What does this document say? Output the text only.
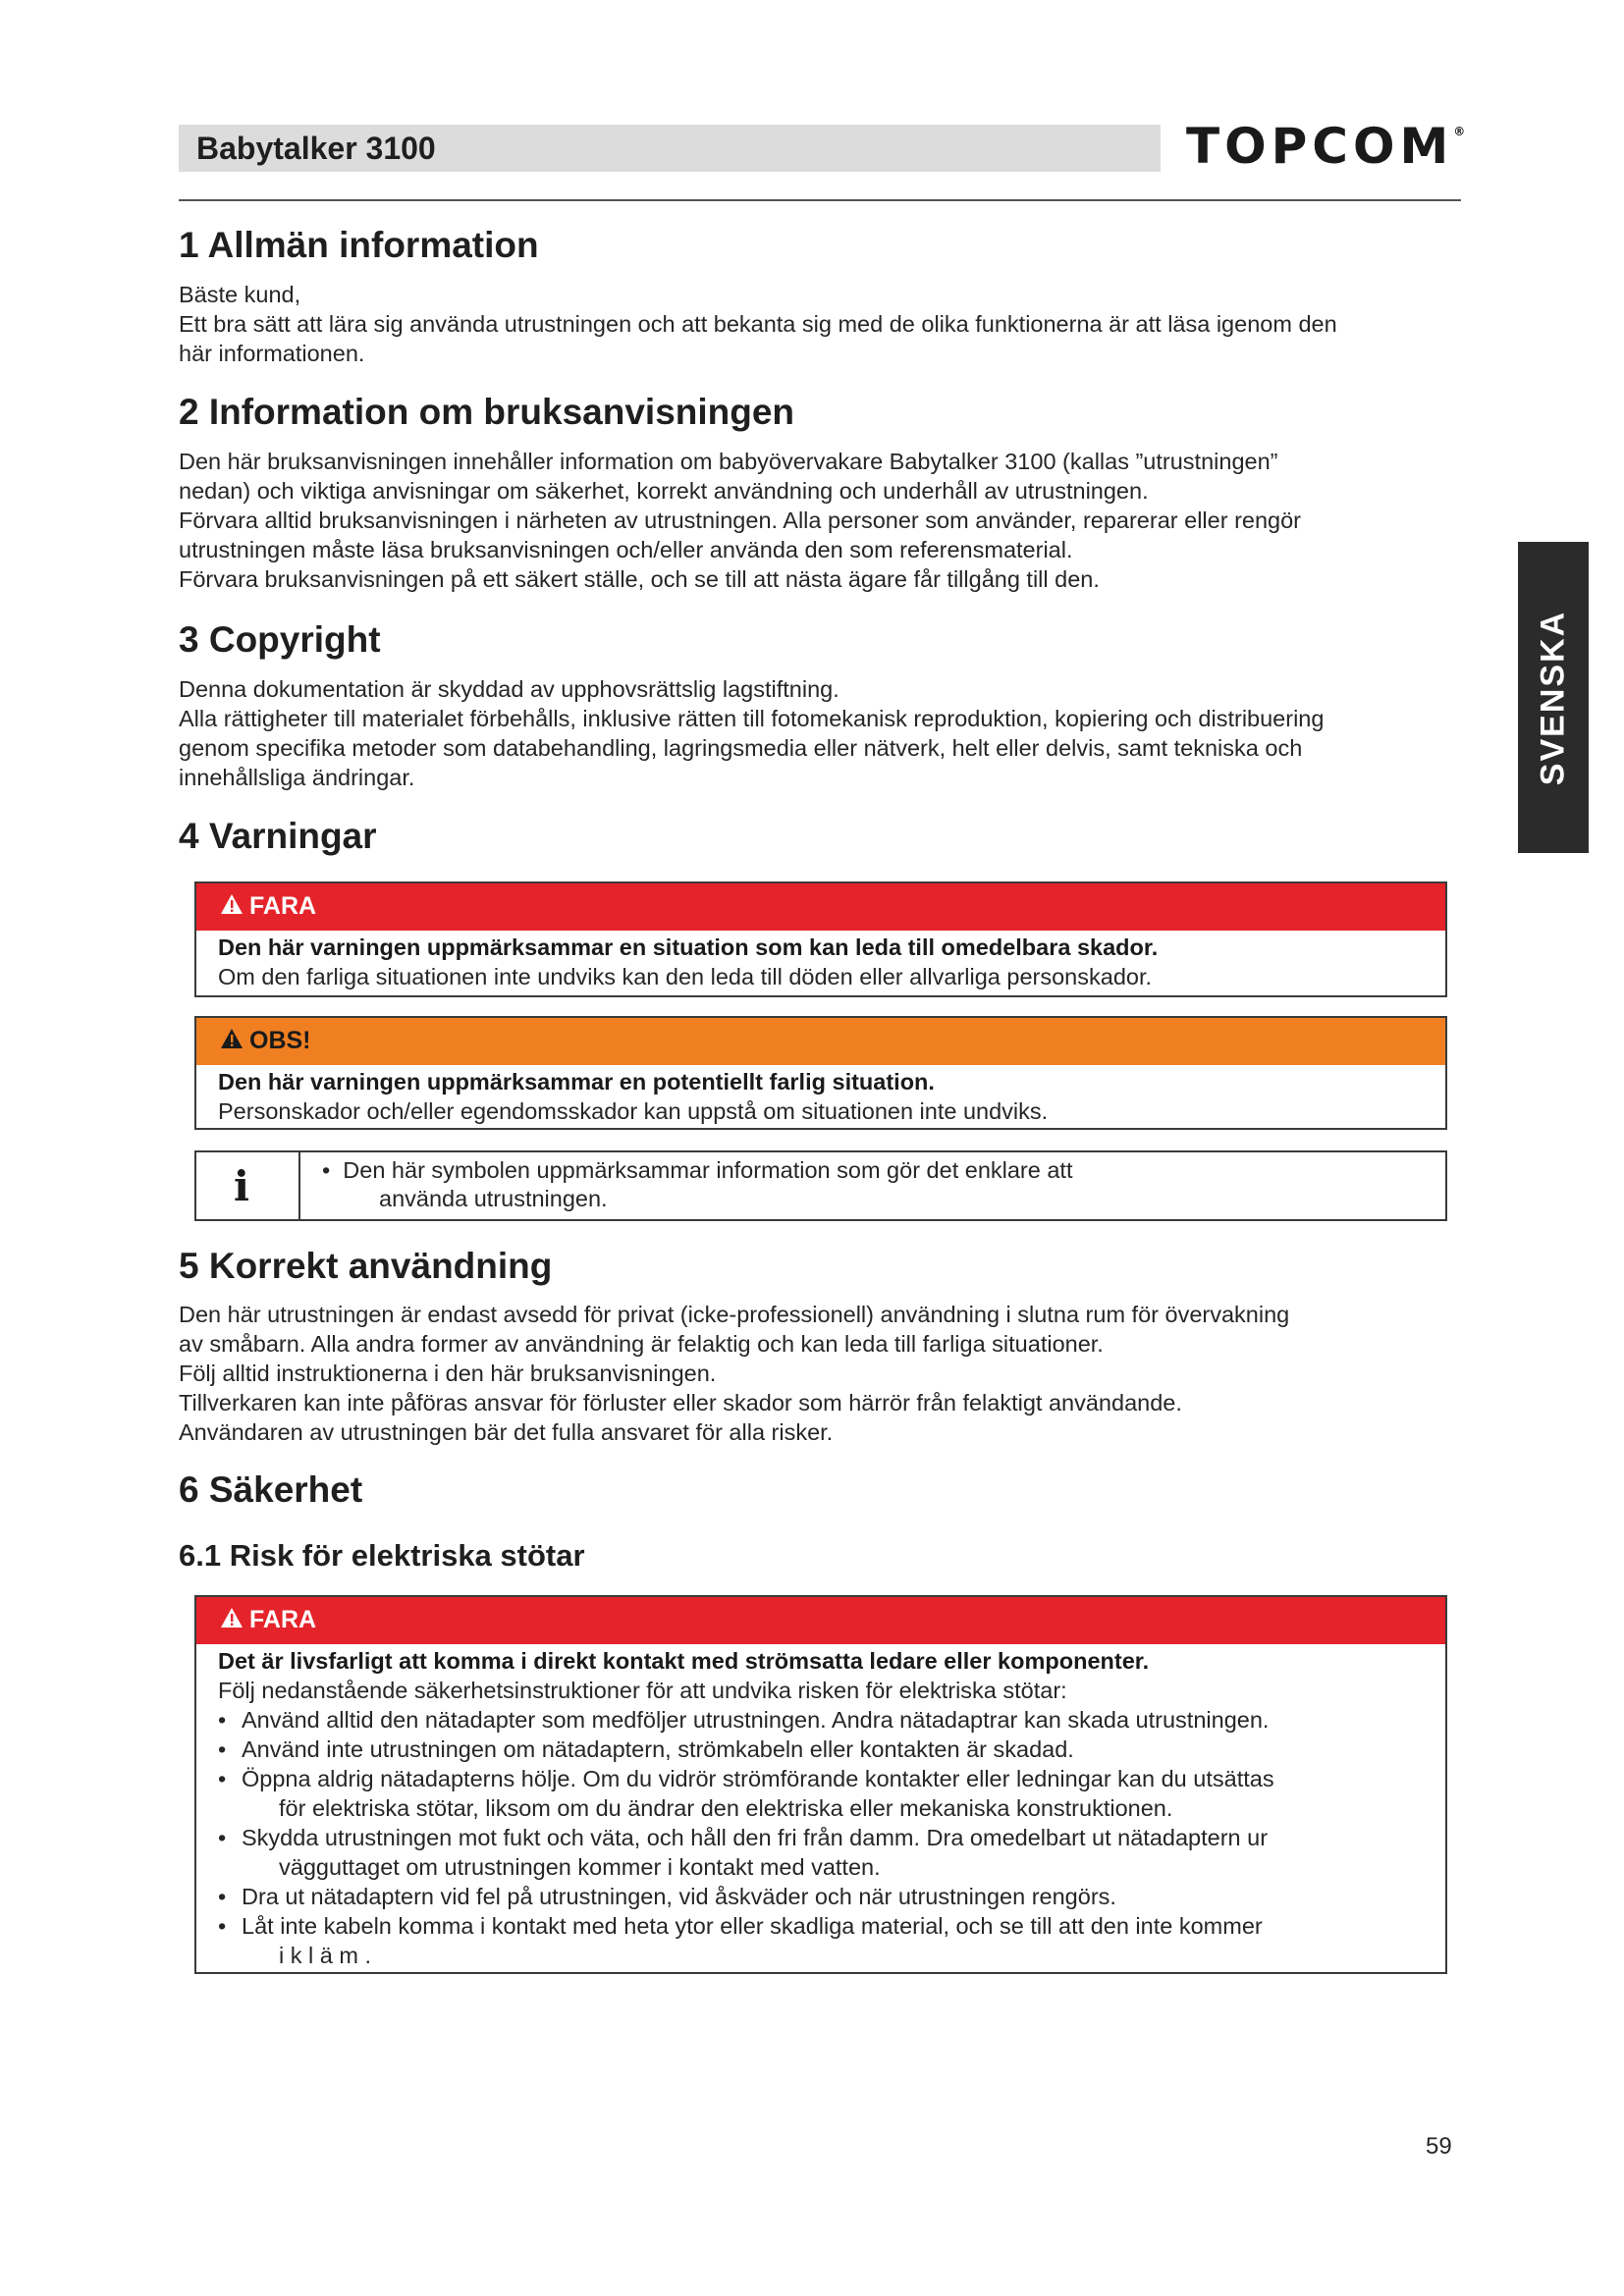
Babytalker 3100	TOPCOM®
SVENSKA
1 Allmän information
Bäste kund,
Ett bra sätt att lära sig använda utrustningen och att bekanta sig med de olika funktionerna är att läsa igenom den
här informationen.
2 Information om bruksanvisningen
Den här bruksanvisningen innehåller information om babyövervakare Babytalker 3100 (kallas ”utrustningen”
nedan) och viktiga anvisningar om säkerhet, korrekt användning och underhåll av utrustningen.
Förvara alltid bruksanvisningen i närheten av utrustningen. Alla personer som använder, reparerar eller rengör
utrustningen måste läsa bruksanvisningen och/eller använda den som referensmaterial.
Förvara bruksanvisningen på ett säkert ställe, och se till att nästa ägare får tillgång till den.
3 Copyright
Denna dokumentation är skyddad av upphovsrättslig lagstiftning.
Alla rättigheter till materialet förbehålls, inklusive rätten till fotomekanisk reproduktion, kopiering och distribuering
genom specifika metoder som databehandling, lagringsmedia eller nätverk, helt eller delvis, samt tekniska och
innehållsliga ändringar.
4 Varningar
FARA
Den här varningen uppmärksammar en situation som kan leda till omedelbara skador.
Om den farliga situationen inte undviks kan den leda till döden eller allvarliga personskador.
OBS!
Den här varningen uppmärksammar en potentiellt farlig situation.
Personskador och/eller egendomsskador kan uppstå om situationen inte undviks.
i	• Den här symbolen uppmärksammar information som gör det enklare att
använda utrustningen.
5 Korrekt användning
Den här utrustningen är endast avsedd för privat (icke-professionell) användning i slutna rum för övervakning
av småbarn. Alla andra former av användning är felaktig och kan leda till farliga situationer.
Följ alltid instruktionerna i den här bruksanvisningen.
Tillverkaren kan inte påföras ansvar för förluster eller skador som härrör från felaktigt användande.
Användaren av utrustningen bär det fulla ansvaret för alla risker.
6 Säkerhet
6.1 Risk för elektriska stötar
FARA
Det är livsfarligt att komma i direkt kontakt med strömsatta ledare eller komponenter.
Följ nedanstående säkerhetsinstruktioner för att undvika risken för elektriska stötar:
• Använd alltid den nätadapter som medföljer utrustningen. Andra nätadaptrar kan skada utrustningen.
• Använd inte utrustningen om nätadaptern, strömkabeln eller kontakten är skadad.
• Öppna aldrig nätadapterns hölje. Om du vidrör strömförande kontakter eller ledningar kan du utsättas
för elektriska stötar, liksom om du ändrar den elektriska eller mekaniska konstruktionen.
• Skydda utrustningen mot fukt och väta, och håll den fri från damm. Dra omedelbart ut nätadaptern ur
vägguttaget om utrustningen kommer i kontakt med vatten.
• Dra ut nätadaptern vid fel på utrustningen, vid åskväder och när utrustningen rengörs.
• Låt inte kabeln komma i kontakt med heta ytor eller skadliga material, och se till att den inte kommer
i k l ä m .
59
